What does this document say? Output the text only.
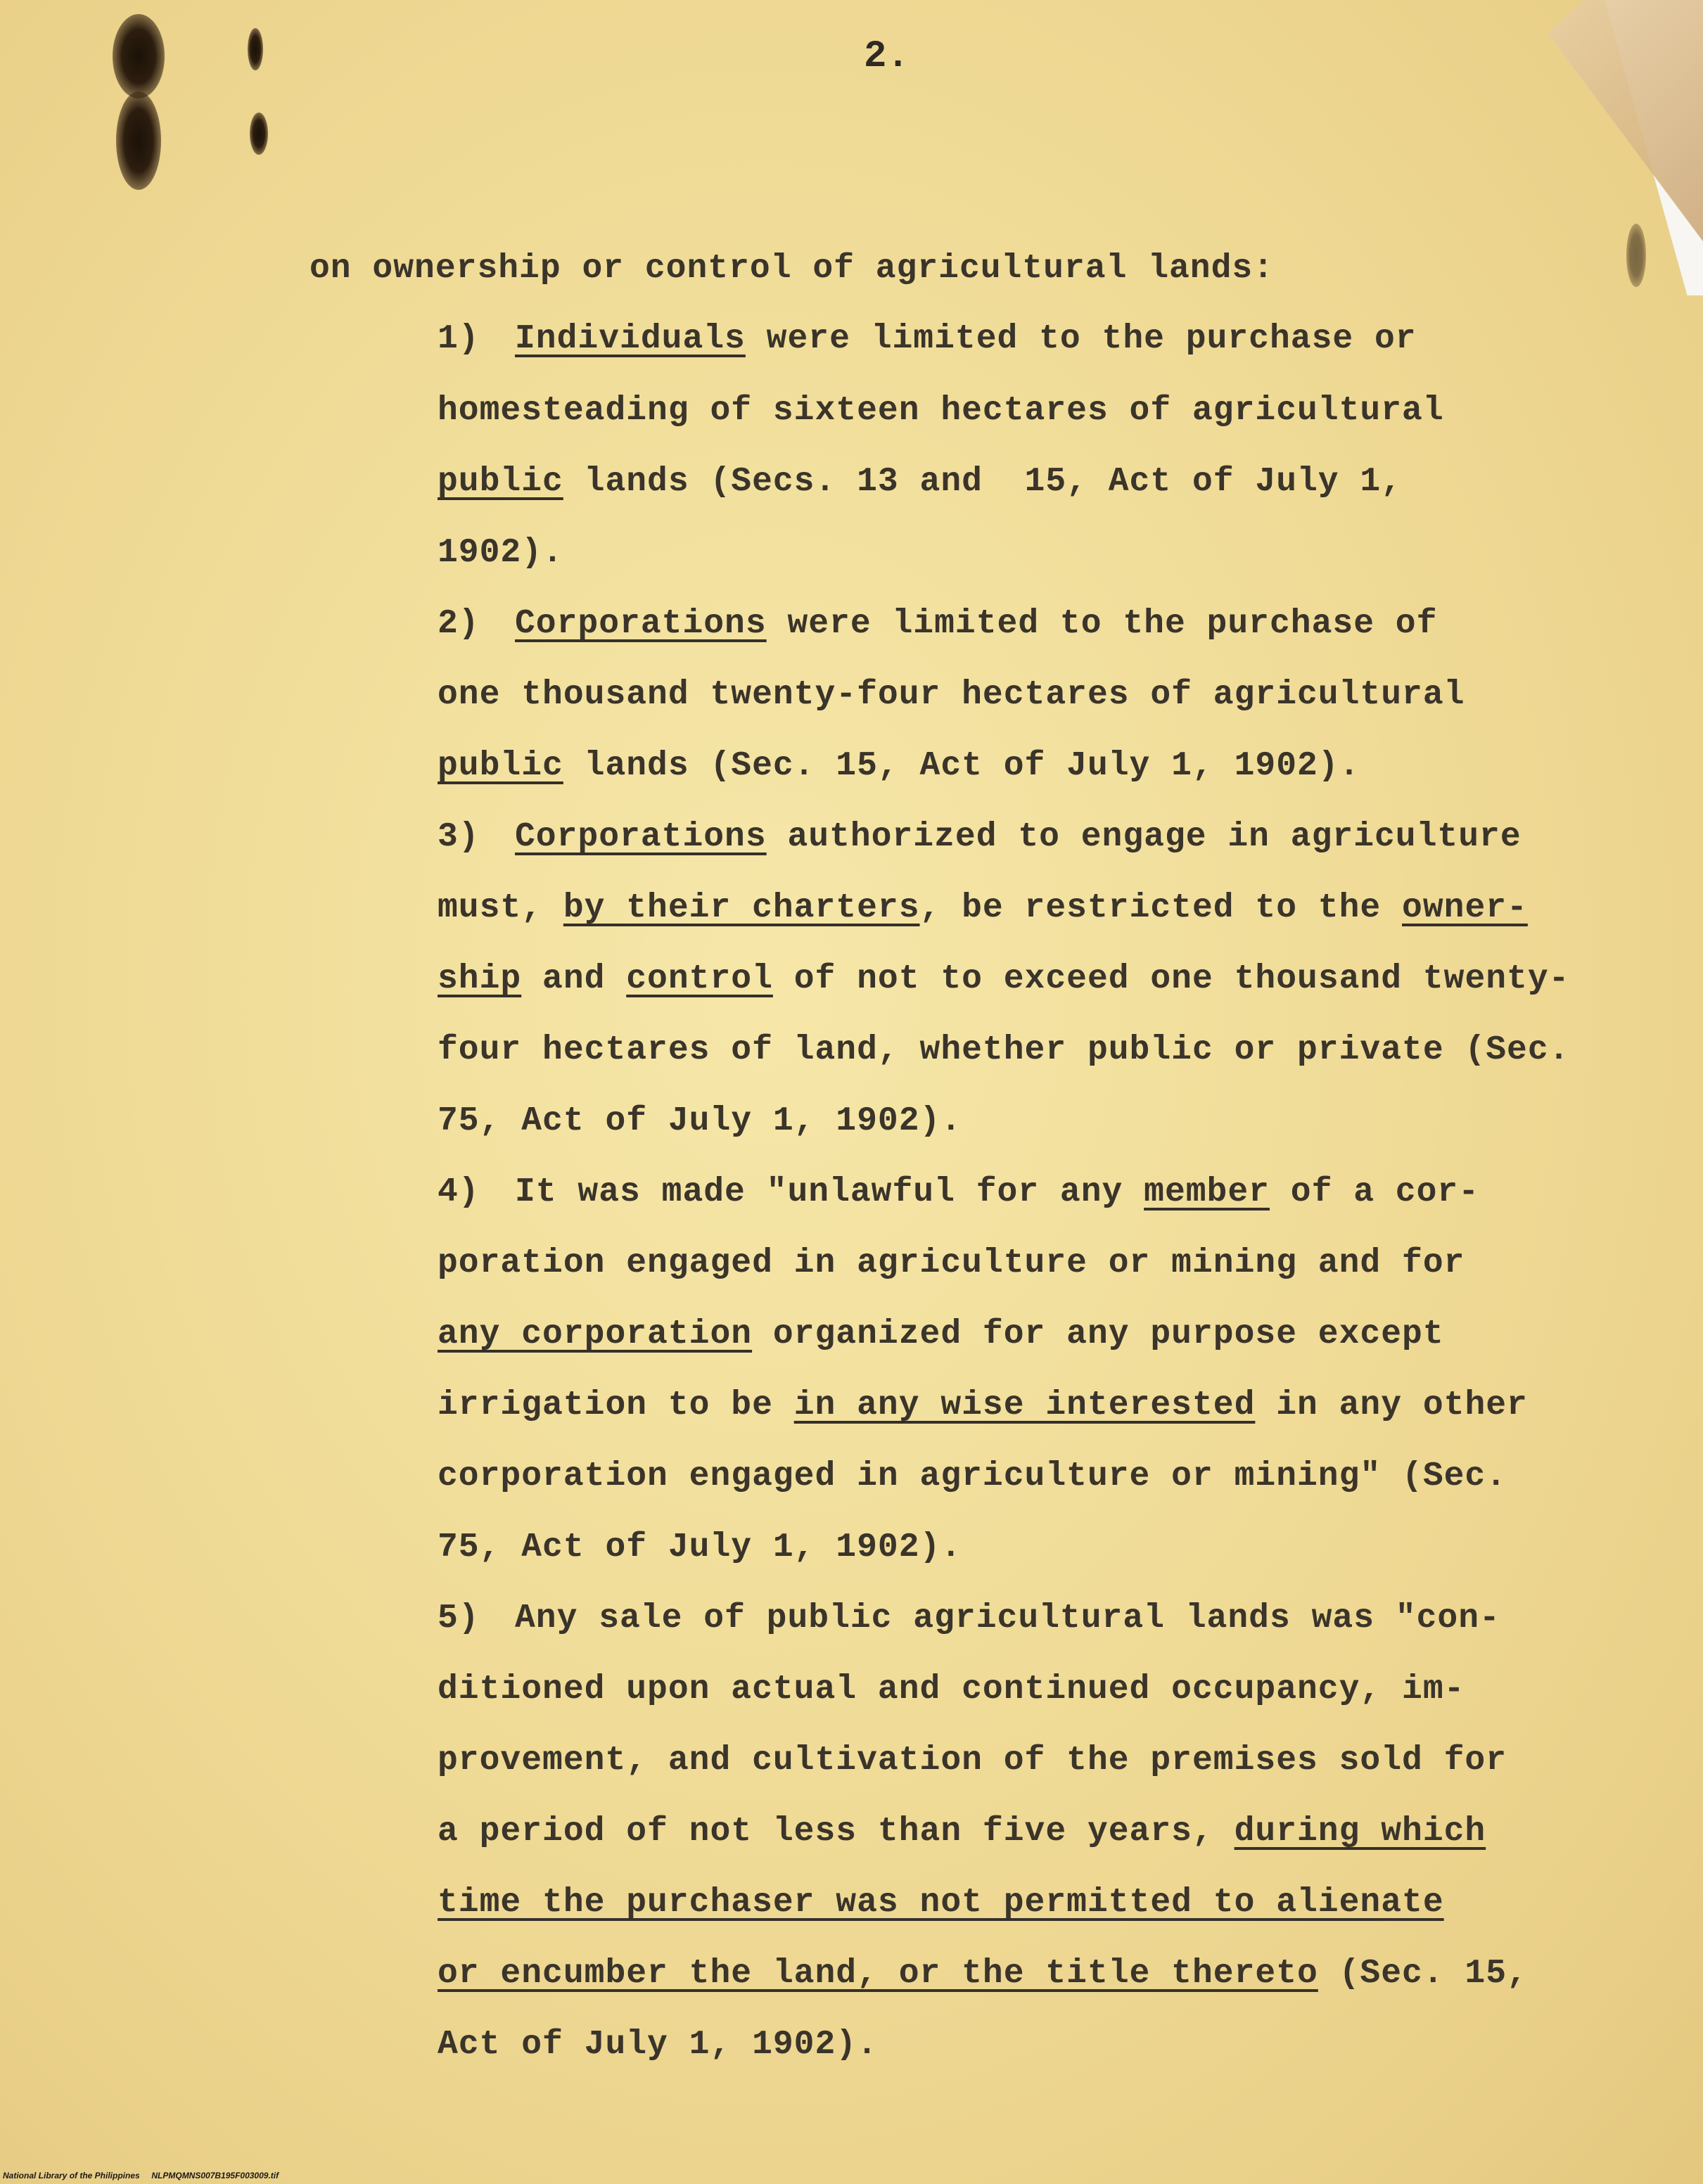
2.
on ownership or control of agricultural lands:
1) Individuals were limited to the purchase or
homesteading of sixteen hectares of agricultural
public lands (Secs. 13 and  15, Act of July 1,
1902).
2) Corporations were limited to the purchase of
one thousand twenty-four hectares of agricultural
public lands (Sec. 15, Act of July 1, 1902).
3) Corporations authorized to engage in agriculture
must, by their charters, be restricted to the owner-
ship and control of not to exceed one thousand twenty-
four hectares of land, whether public or private (Sec.
75, Act of July 1, 1902).
4) It was made "unlawful for any member of a cor-
poration engaged in agriculture or mining and for
any corporation organized for any purpose except
irrigation to be in any wise interested in any other
corporation engaged in agriculture or mining" (Sec.
75, Act of July 1, 1902).
5) Any sale of public agricultural lands was "con-
ditioned upon actual and continued occupancy, im-
provement, and cultivation of the premises sold for
a period of not less than five years, during which
time the purchaser was not permitted to alienate
or encumber the land, or the title thereto (Sec. 15,
Act of July 1, 1902).
National Library of the Philippines     NLPMQMNS007B195F003009.tif
